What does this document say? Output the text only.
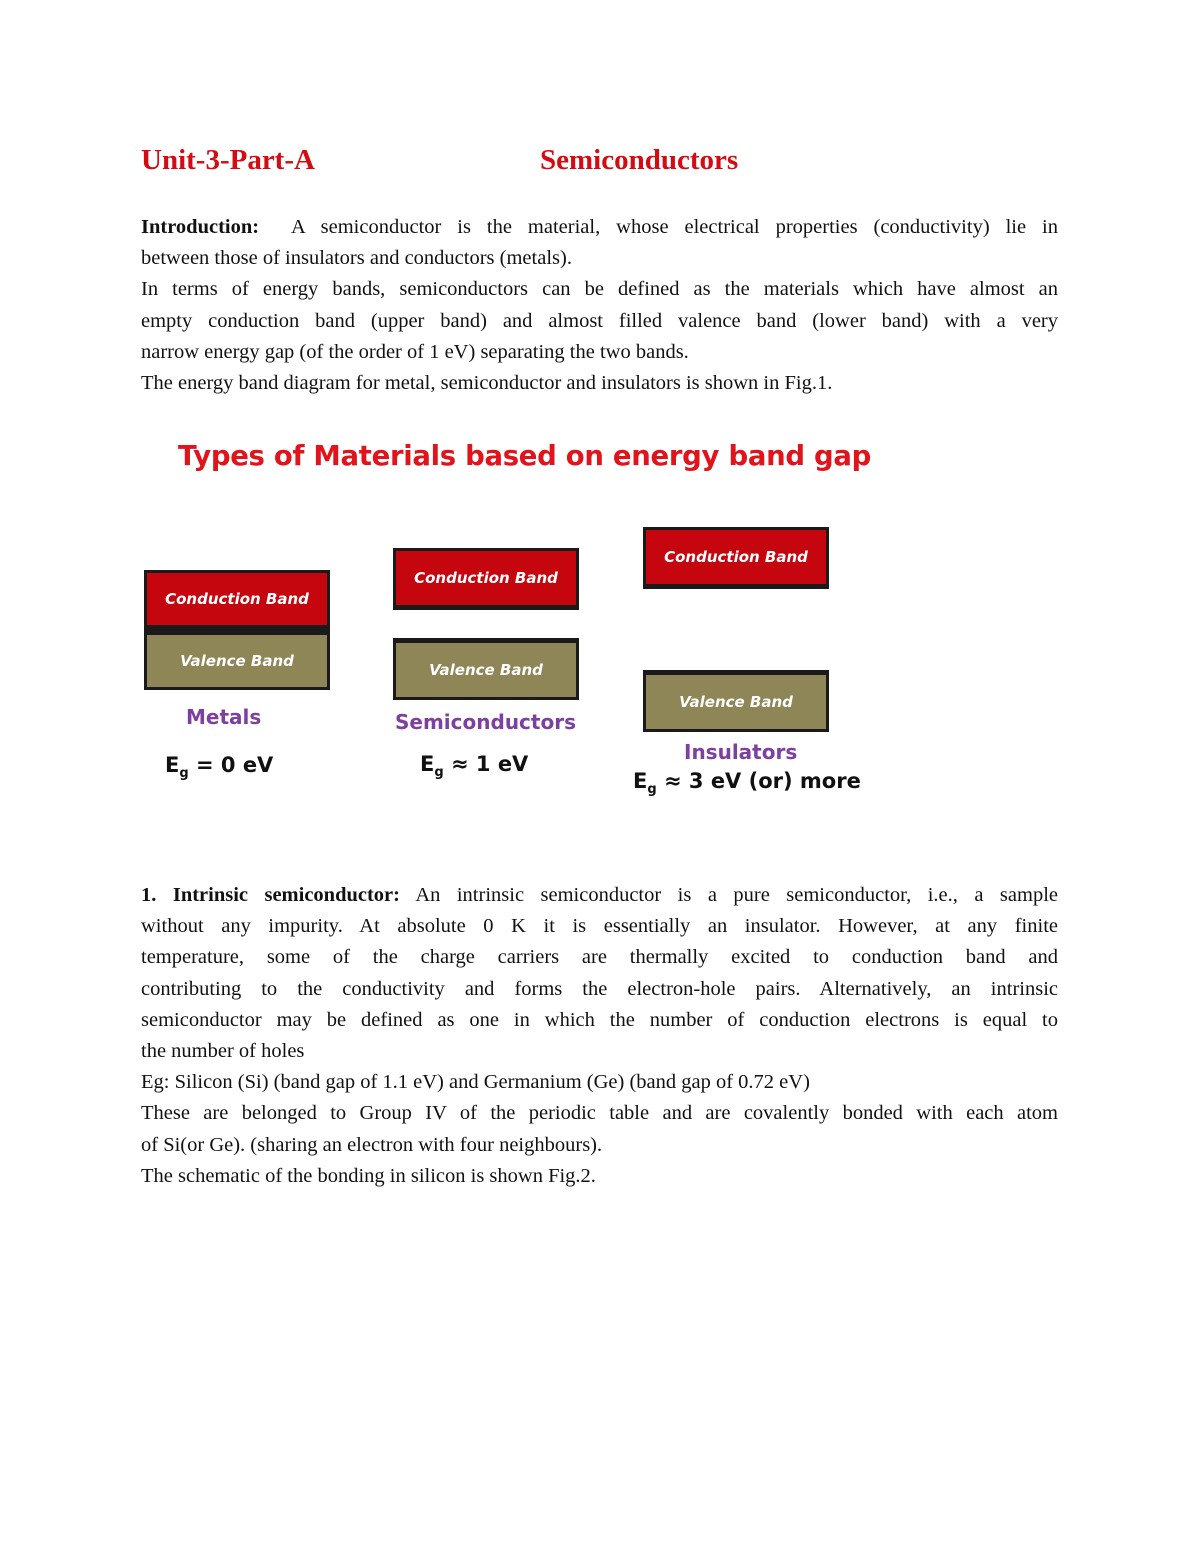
Unit-3-Part-A	Semiconductors
Introduction: A semiconductor is the material, whose electrical properties (conductivity) lie in
between those of insulators and conductors (metals).
In terms of energy bands, semiconductors can be defined as the materials which have almost an
empty conduction band (upper band) and almost filled valence band (lower band) with a very
narrow energy gap (of the order of 1 eV) separating the two bands.
The energy band diagram for metal, semiconductor and insulators is shown in Fig.1.

Types of Materials based on energy band gap

Conduction Band
Valence Band
Metals
$E_g = 0$ eV
Conduction Band
Valence Band
Semiconductors
$E_g \approx 1$ eV
Conduction Band
Valence Band
Insulators
$E_g \approx 3$ eV (or) more
1. Intrinsic semiconductor: An intrinsic semiconductor is a pure semiconductor, i.e., a sample
without any impurity. At absolute 0 K it is essentially an insulator. However, at any finite
temperature, some of the charge carriers are thermally excited to conduction band and
contributing to the conductivity and forms the electron-hole pairs. Alternatively, an intrinsic
semiconductor may be defined as one in which the number of conduction electrons is equal to
the number of holes
Eg: Silicon (Si) (band gap of 1.1 eV) and Germanium (Ge) (band gap of 0.72 eV)
These are belonged to Group IV of the periodic table and are covalently bonded with each atom
of Si(or Ge). (sharing an electron with four neighbours).
The schematic of the bonding in silicon is shown Fig.2.
